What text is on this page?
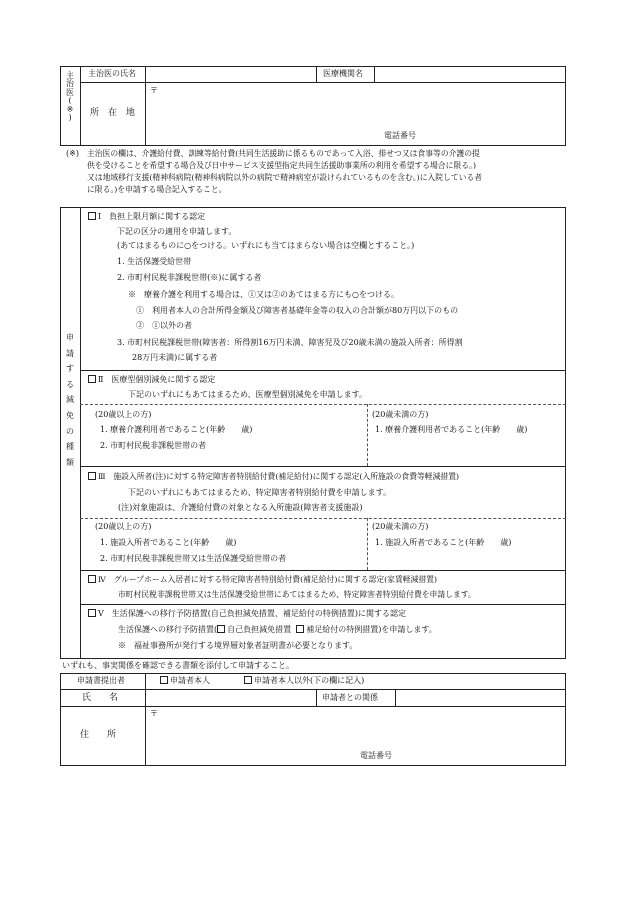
主
治
医
(
※
)
主治医の氏名	医療機関名
所　在　地
〒
電話番号
(※) 主治医の欄は、介護給付費、訓練等給付費(共同生活援助に係るものであって入浴、排せつ又は食事等の介護の提
供を受けることを希望する場合及び日中サービス支援型指定共同生活援助事業所の利用を希望する場合に限る。)
又は地域移行支援(精神科病院(精神科病院以外の病院で精神病室が設けられているものを含む。)に入院している者
に限る。)を申請する場合記入すること。
申
請
す
る
減
免
の
種
類
Ⅰ　負担上限月額に関する認定
下記の区分の適用を申請します。
(あてはまるものに○をつける。いずれにも当てはまらない場合は空欄とすること。)
1. 生活保護受給世帯
2. 市町村民税非課税世帯(※)に属する者
※　療養介護を利用する場合は、①又は②のあてはまる方にも○をつける。
①　利用者本人の合計所得金額及び障害者基礎年金等の収入の合計額が80万円以下のもの
②　①以外の者
3. 市町村民税課税世帯(障害者：所得割16万円未満、障害児及び20歳未満の施設入所者：所得割
28万円未満)に属する者
Ⅱ　医療型個別減免に関する認定
下記のいずれにもあてはまるため、医療型個別減免を申請します。
(20歳以上の方)
1. 療養介護利用者であること(年齢　　歳)
2. 市町村民税非課税世帯の者
(20歳未満の方)
1. 療養介護利用者であること(年齢　　歳)
Ⅲ　施設入所者(注)に対する特定障害者特別給付費(補足給付)に関する認定(入所施設の食費等軽減措置)
下記のいずれにもあてはまるため、特定障害者特別給付費を申請します。
(注)対象施設は、介護給付費の対象となる入所施設(障害者支援施設)
(20歳以上の方)
1. 施設入所者であること(年齢　　歳)
2. 市町村民税非課税世帯又は生活保護受給世帯の者
(20歳未満の方)
1. 施設入所者であること(年齢　　歳)
Ⅳ　グループホーム入居者に対する特定障害者特別給付費(補足給付)に関する認定(家賃軽減措置)
市町村民税非課税世帯又は生活保護受給世帯にあてはまるため、特定障害者特別給付費を申請します。
Ⅴ　生活保護への移行予防措置(自己負担減免措置、補足給付の特例措置)に関する認定
生活保護への移行予防措置( 自己負担減免措置 補足給付の特例措置)を申請します。
※　福祉事務所が発行する境界層対象者証明書が必要となります。
いずれも、事実関係を確認できる書類を添付して申請すること。
申請書提出者	申請者本人	申請者本人以外(下の欄に記入)
氏　　名	申請者との関係
住　　所
〒
電話番号
